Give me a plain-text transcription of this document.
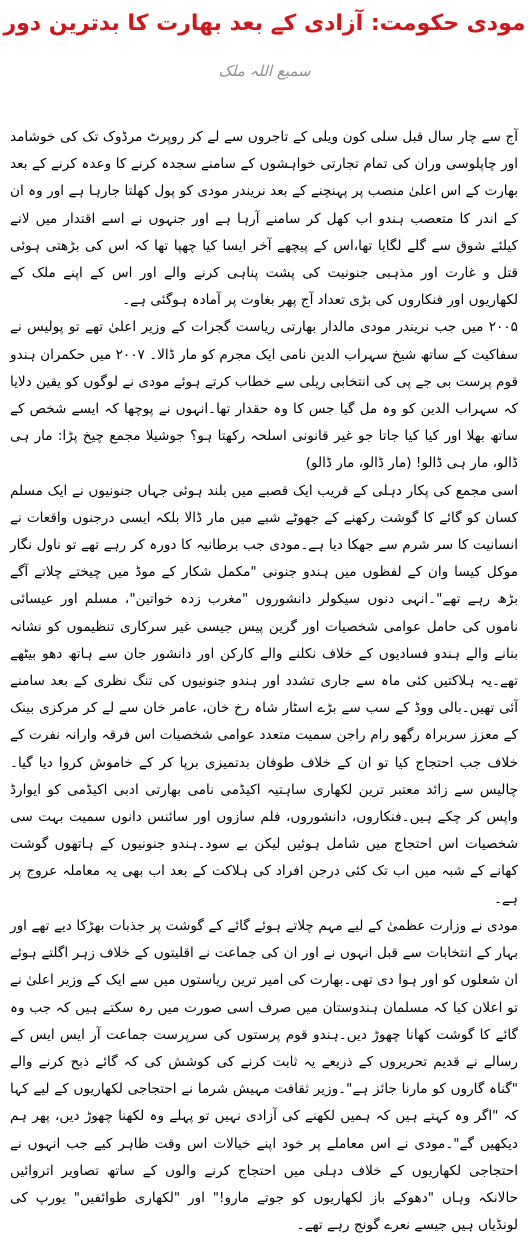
مودی حکومت: آزادی کے بعد بھارت کا بدترین دور
سمیع اللہ ملک

آج سے چار سال قبل سلی کون ویلی کے تاجروں سے لے کر روپرٹ مرڈوک تک کی خوشامد اور چاپلوسی وران کی تمام تجارتی خواہشوں کے سامنے سجدہ کرنے کا وعدہ کرنے کے بعد بھارت کے اس اعلیٰ منصب پر پہنچنے کے بعد نریندر مودی کو پول کھلتا جارہا ہے اور وہ ان کے اندر کا متعصب ہندو اب کھل کر سامنے آرہا ہے اور جنہوں نے اسے اقتدار میں لانے کیلئے شوق سے گلے لگایا تھا،اس کے پیچھے آخر ایسا کیا چھپا تھا کہ اس کی بڑھتی ہوئی قتل و غارت اور مذہبی جنونیت کی پشت پناہی کرنے والے اور اس کے اپنے ملک کے لکھاریوں اور فنکاروں کی بڑی تعداد آج پھر بغاوت پر آمادہ ہوگئی ہے۔

۲۰۰۵ میں جب نریندر مودی مالدار بھارتی ریاست گجرات کے وزیر اعلیٰ تھے تو پولیس نے سفاکیت کے ساتھ شیخ سہراب الدین نامی ایک مجرم کو مار ڈالا۔ ۲۰۰۷ میں حکمران ہندو قوم پرست بی جے پی کی انتخابی ریلی سے خطاب کرتے ہوئے مودی نے لوگوں کو یقین دلایا کہ سہراب الدین کو وہ مل گیا جس کا وہ حقدار تھا۔انہوں نے پوچھا کہ ایسے شخص کے ساتھ بھلا اور کیا کیا جاتا جو غیر قانونی اسلحہ رکھتا ہو؟ جوشیلا مجمع چیخ پڑا: مار ہی ڈالو، مار ہی ڈالو! (مار ڈالو، مار ڈالو)

اسی مجمع کی پکار دہلی کے قریب ایک قصبے میں بلند ہوئی جہاں جنونیوں نے ایک مسلم کسان کو گائے کا گوشت رکھنے کے جھوٹے شبے میں مار ڈالا بلکہ ایسی درجنوں واقعات نے انسانیت کا سر شرم سے جھکا دیا ہے۔مودی جب برطانیہ کا دورہ کر رہے تھے تو ناول نگار موکل کیسا وان کے لفظوں میں ہندو جنونی "مکمل شکار کے موڈ میں چیختے چلاتے آگے بڑھ رہے تھے"۔انہی دنوں سیکولر دانشوروں "مغرب زدہ خواتین"، مسلم اور عیسائی ناموں کی حامل عوامی شخصیات اور گرین پیس جیسی غیر سرکاری تنظیموں کو نشانہ بنانے والے ہندو فسادیوں کے خلاف نکلنے والے کارکن اور دانشور جان سے ہاتھ دھو بیٹھے تھے۔یہ ہلاکتیں کئی ماہ سے جاری تشدد اور ہندو جنونیوں کی تنگ نظری کے بعد سامنے آئی تھیں۔بالی ووڈ کے سب سے بڑے اسٹار شاہ رخ خان، عامر خان سے لے کر مرکزی بینک کے معزز سربراہ رگھو رام راجن سمیت متعدد عوامی شخصیات اس فرقہ وارانہ نفرت کے خلاف جب احتجاج کیا تو ان کے خلاف طوفان بدتمیزی برپا کر کے خاموش کروا دیا گیا۔چالیس سے زائد معتبر ترین لکھاری ساہتیہ اکیڈمی نامی بھارتی ادبی اکیڈمی کو ایوارڈ واپس کر چکے ہیں۔فنکاروں، دانشوروں، فلم سازوں اور سائنس دانوں سمیت بہت سی شخصیات اس احتجاج میں شامل ہوئیں لیکن بے سود۔ہندو جنونیوں کے ہاتھوں گوشت کھانے کے شبہ میں اب تک کئی درجن افراد کی ہلاکت کے بعد اب بھی یہ معاملہ عروج پر ہے۔

مودی نے وزارت عظمیٰ کے لیے مہم چلاتے ہوئے گائے کے گوشت پر جذبات بھڑکا دیے تھے اور بہار کے انتخابات سے قبل انہوں نے اور ان کی جماعت نے اقلیتوں کے خلاف زہر اگلتے ہوئے ان شعلوں کو اور ہوا دی تھی۔بھارت کی امیر ترین ریاستوں میں سے ایک کے وزیر اعلیٰ نے تو اعلان کیا کہ مسلمان ہندوستان میں صرف اسی صورت میں رہ سکتے ہیں کہ جب وہ گائے کا گوشت کھانا چھوڑ دیں۔ہندو قوم پرستوں کی سرپرست جماعت آر ایس ایس کے رسالے نے قدیم تحریروں کے ذریعے یہ ثابت کرنے کی کوشش کی کہ گائے ذبح کرنے والے "گناہ گاروں کو مارنا جائز ہے"۔وزیر ثقافت مہیش شرما نے احتجاجی لکھاریوں کے لیے کہا کہ "اگر وہ کہتے ہیں کہ ہمیں لکھنے کی آزادی نہیں تو پہلے وہ لکھنا چھوڑ دیں، پھر ہم دیکھیں گے"۔مودی نے اس معاملے پر خود اپنے خیالات اس وقت ظاہر کیے جب انہوں نے احتجاجی لکھاریوں کے خلاف دہلی میں احتجاج کرنے والوں کے ساتھ تصاویر اتروائیں حالانکہ وہاں "دھوکے باز لکھاریوں کو جوتے مارو!" اور "لکھاری طوائفیں" یورپ کی لونڈیاں ہیں جیسے نعرے گونج رہے تھے۔
